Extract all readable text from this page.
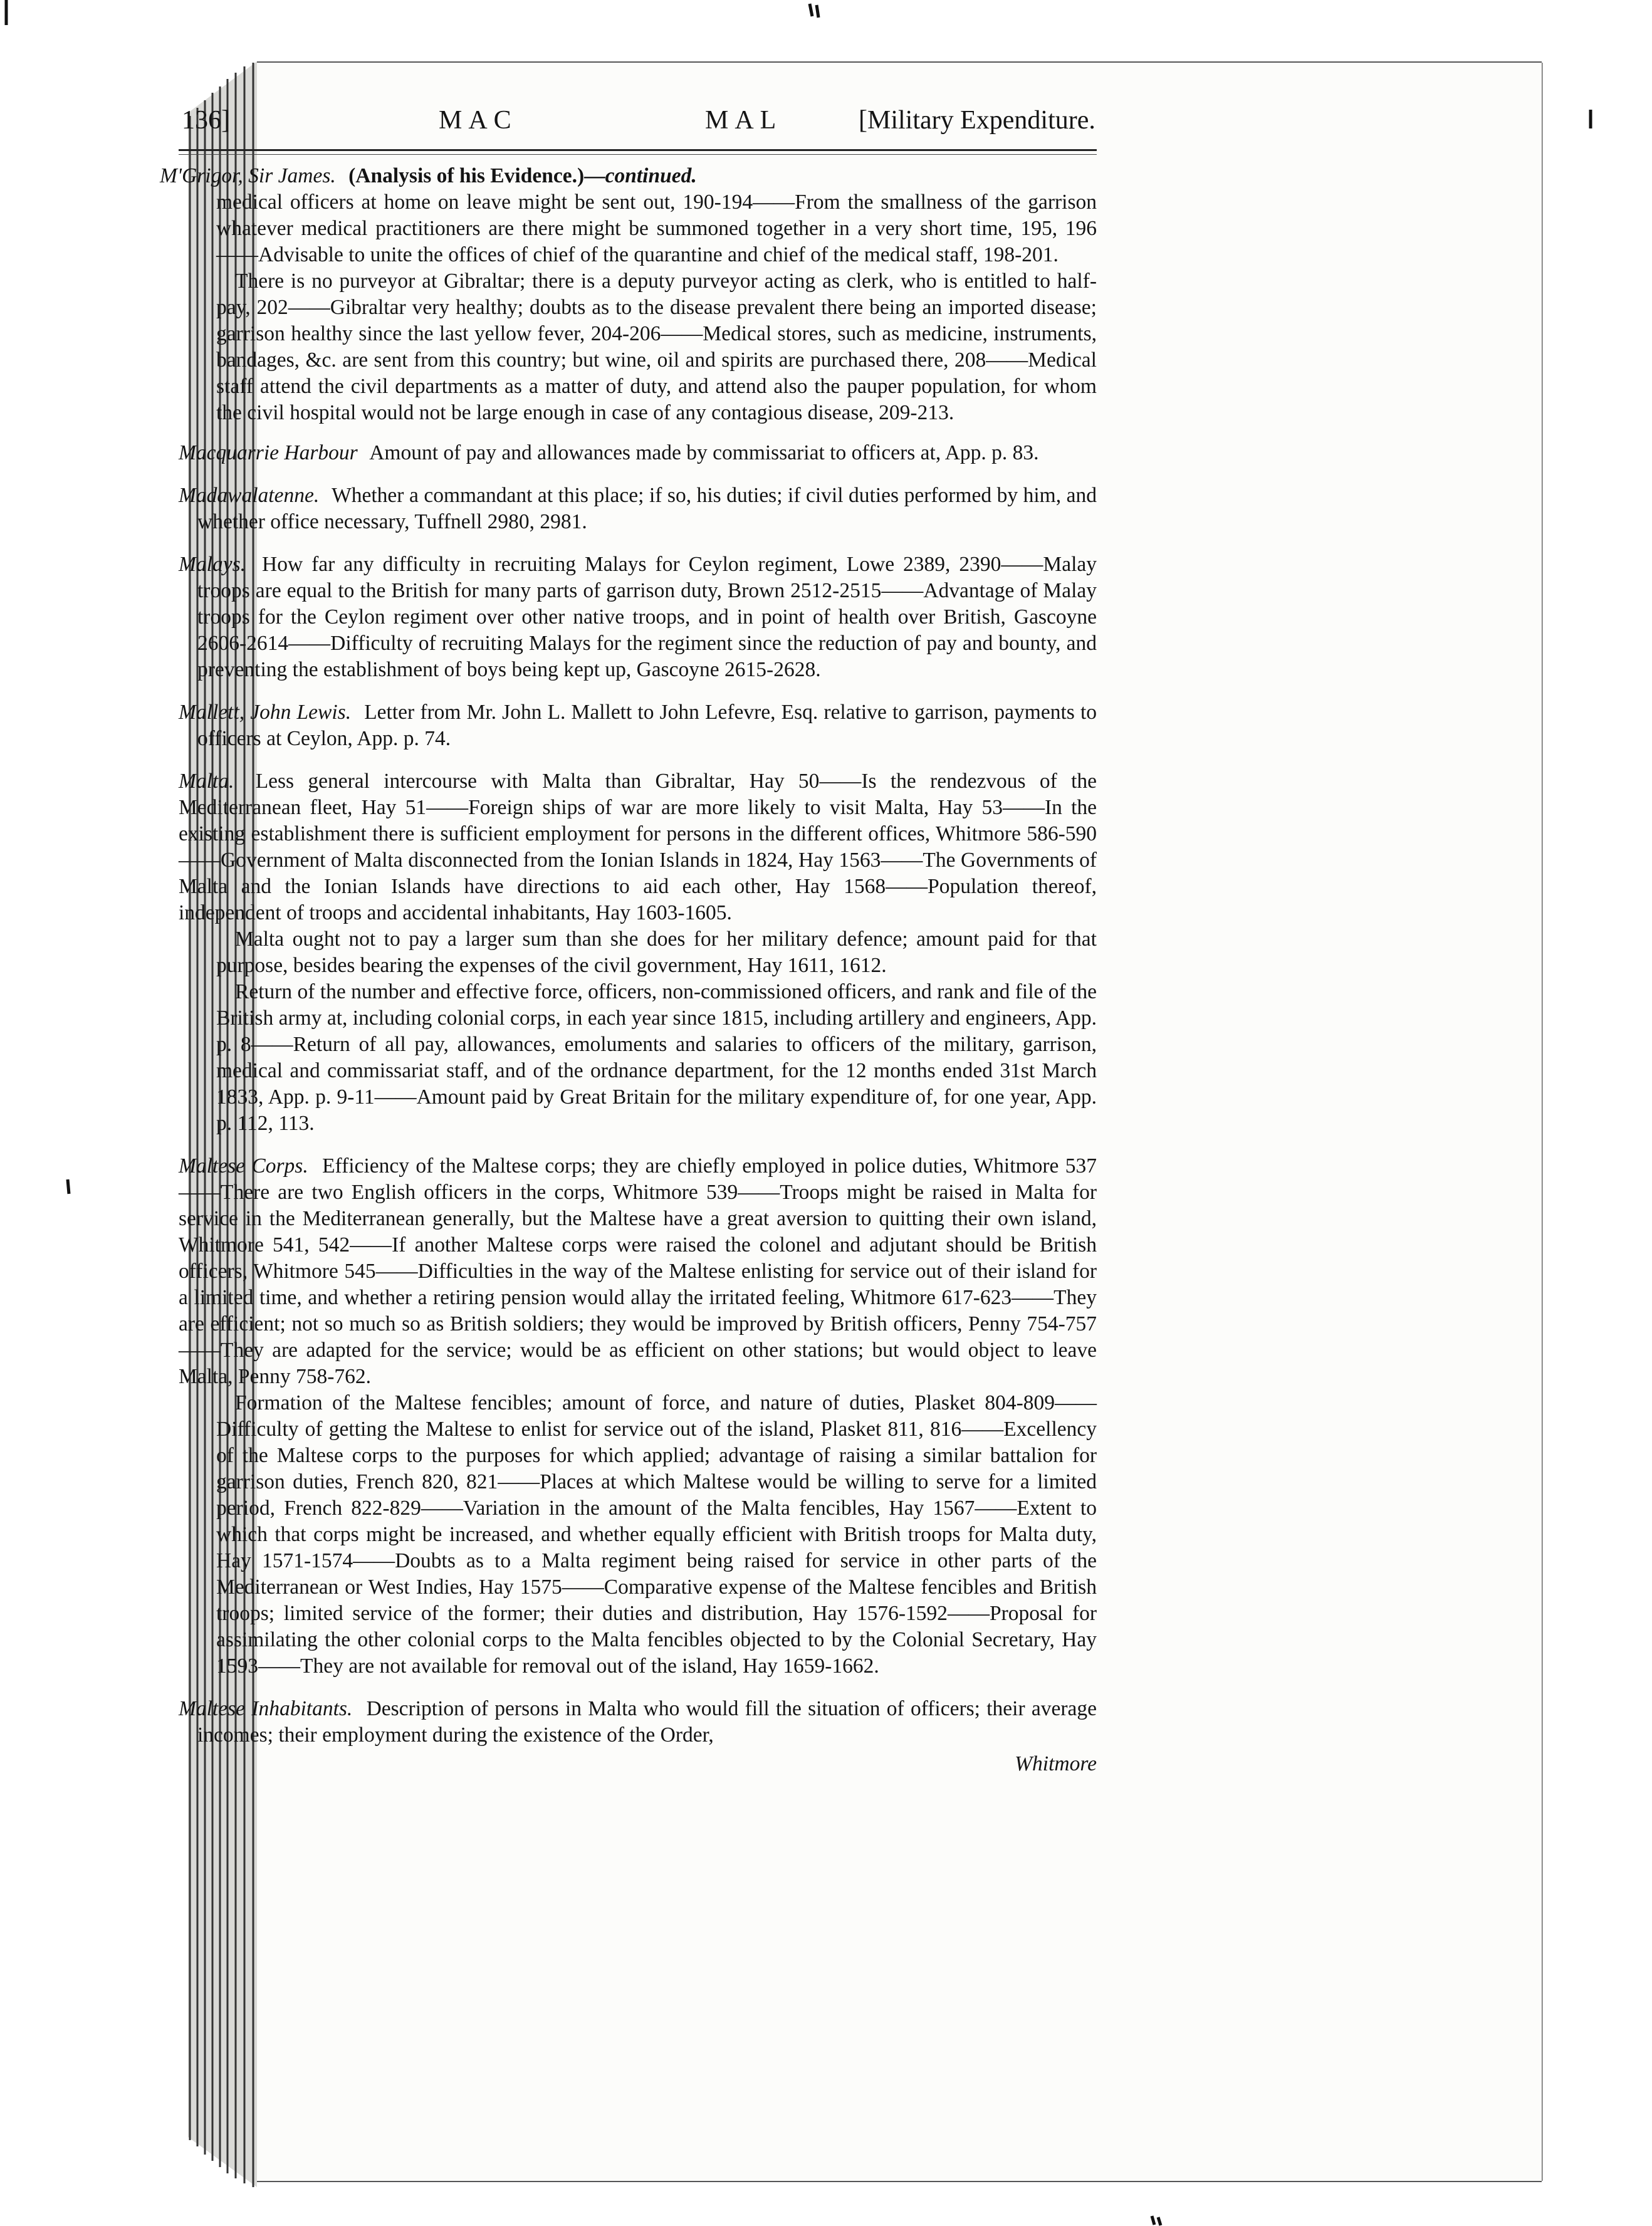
136]	MAC	MAL	[Military Expenditure.

M'Grigor, Sir James. (Analysis of his Evidence.)—continued.

medical officers at home on leave might be sent out, 190-194——From the smallness of the garrison whatever medical practitioners are there might be summoned together in a very short time, 195, 196——Advisable to unite the offices of chief of the quarantine and chief of the medical staff, 198-201.

There is no purveyor at Gibraltar; there is a deputy purveyor acting as clerk, who is entitled to half-pay, 202——Gibraltar very healthy; doubts as to the disease prevalent there being an imported disease; garrison healthy since the last yellow fever, 204-206——Medical stores, such as medicine, instruments, bandages, &c. are sent from this country; but wine, oil and spirits are purchased there, 208——Medical staff attend the civil departments as a matter of duty, and attend also the pauper population, for whom the civil hospital would not be large enough in case of any contagious disease, 209-213.

Macquarrie Harbour Amount of pay and allowances made by commissariat to officers at, App. p. 83.
Madawalatenne. Whether a commandant at this place; if so, his duties; if civil duties performed by him, and whether office necessary, Tuffnell 2980, 2981.
Malays. How far any difficulty in recruiting Malays for Ceylon regiment, Lowe 2389, 2390——Malay troops are equal to the British for many parts of garrison duty, Brown 2512-2515——Advantage of Malay troops for the Ceylon regiment over other native troops, and in point of health over British, Gascoyne 2606-2614——Difficulty of recruiting Malays for the regiment since the reduction of pay and bounty, and preventing the establishment of boys being kept up, Gascoyne 2615-2628.
Mallett, John Lewis. Letter from Mr. John L. Mallett to John Lefevre, Esq. relative to garrison, payments to officers at Ceylon, App. p. 74.

Malta. Less general intercourse with Malta than Gibraltar, Hay 50——Is the rendezvous of the Mediterranean fleet, Hay 51——Foreign ships of war are more likely to visit Malta, Hay 53——In the existing establishment there is sufficient employment for persons in the different offices, Whitmore 586-590——Government of Malta disconnected from the Ionian Islands in 1824, Hay 1563——The Governments of Malta and the Ionian Islands have directions to aid each other, Hay 1568——Population thereof, independent of troops and accidental inhabitants, Hay 1603-1605.

Malta ought not to pay a larger sum than she does for her military defence; amount paid for that purpose, besides bearing the expenses of the civil government, Hay 1611, 1612.

Return of the number and effective force, officers, non-commissioned officers, and rank and file of the British army at, including colonial corps, in each year since 1815, including artillery and engineers, App. p. 8——Return of all pay, allowances, emoluments and salaries to officers of the military, garrison, medical and commissariat staff, and of the ordnance department, for the 12 months ended 31st March 1833, App. p. 9-11——Amount paid by Great Britain for the military expenditure of, for one year, App. p. 112, 113.

Maltese Corps. Efficiency of the Maltese corps; they are chiefly employed in police duties, Whitmore 537——There are two English officers in the corps, Whitmore 539——Troops might be raised in Malta for service in the Mediterranean generally, but the Maltese have a great aversion to quitting their own island, Whitmore 541, 542——If another Maltese corps were raised the colonel and adjutant should be British officers, Whitmore 545——Difficulties in the way of the Maltese enlisting for service out of their island for a limited time, and whether a retiring pension would allay the irritated feeling, Whitmore 617-623——They are efficient; not so much so as British soldiers; they would be improved by British officers, Penny 754-757——They are adapted for the service; would be as efficient on other stations; but would object to leave Malta, Penny 758-762.

Formation of the Maltese fencibles; amount of force, and nature of duties, Plasket 804-809——Difficulty of getting the Maltese to enlist for service out of the island, Plasket 811, 816——Excellency of the Maltese corps to the purposes for which applied; advantage of raising a similar battalion for garrison duties, French 820, 821——Places at which Maltese would be willing to serve for a limited period, French 822-829——Variation in the amount of the Malta fencibles, Hay 1567——Extent to which that corps might be increased, and whether equally efficient with British troops for Malta duty, Hay 1571-1574——Doubts as to a Malta regiment being raised for service in other parts of the Mediterranean or West Indies, Hay 1575——Comparative expense of the Maltese fencibles and British troops; limited service of the former; their duties and distribution, Hay 1576-1592——Proposal for assimilating the other colonial corps to the Malta fencibles objected to by the Colonial Secretary, Hay 1593——They are not available for removal out of the island, Hay 1659-1662.

Maltese Inhabitants. Description of persons in Malta who would fill the situation of officers; their average incomes; their employment during the existence of the Order,
Whitmore
